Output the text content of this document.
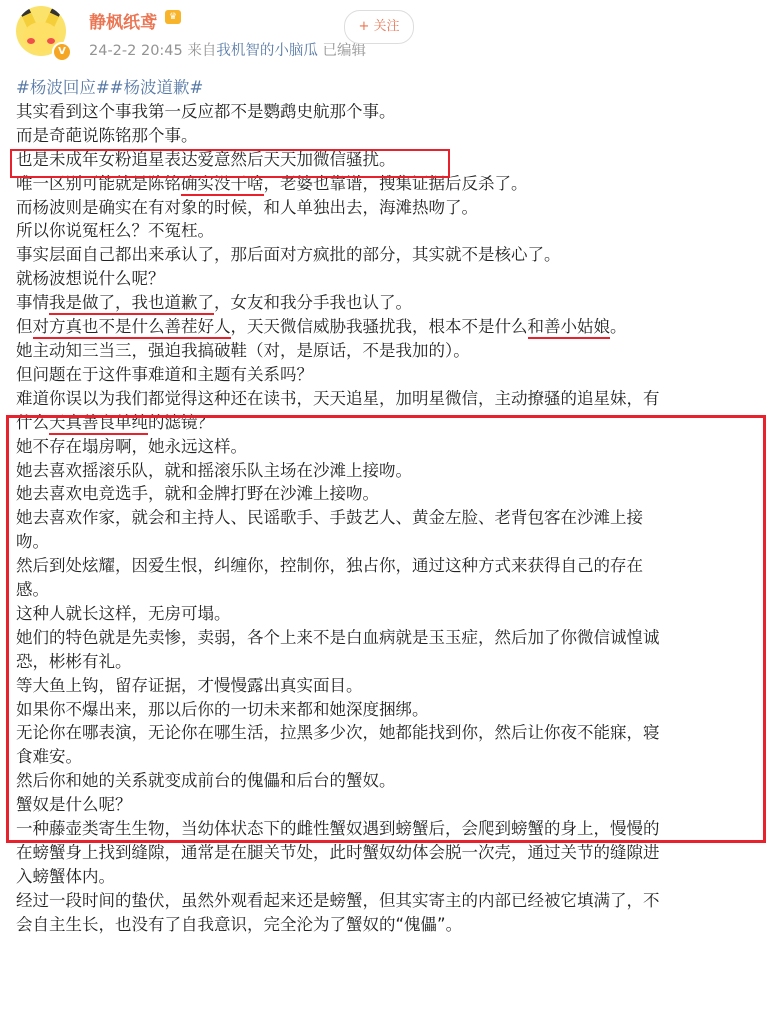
V
静枫纸鸢	♛
24-2-2 20:45 来自我机智的小脑瓜 已编辑
+ 关注

#杨波回应##杨波道歉#

其实看到这个事我第一反应都不是鹦鹉史航那个事。

而是奇葩说陈铭那个事。

也是未成年女粉追星表达爱意然后天天加微信骚扰。

唯一区别可能就是陈铭确实没干啥，老婆也靠谱，搜集证据后反杀了。

而杨波则是确实在有对象的时候，和人单独出去，海滩热吻了。

所以你说冤枉么？不冤枉。

事实层面自己都出来承认了，那后面对方疯批的部分，其实就不是核心了。

就杨波想说什么呢？

事情我是做了，我也道歉了，女友和我分手我也认了。

但对方真也不是什么善茬好人，天天微信威胁我骚扰我，根本不是什么和善小姑娘。

她主动知三当三，强迫我搞破鞋（对，是原话，不是我加的）。

但问题在于这件事难道和主题有关系吗？

难道你误以为我们都觉得这种还在读书，天天追星，加明星微信，主动撩骚的追星妹，有

什么天真善良单纯的滤镜？

她不存在塌房啊，她永远这样。

她去喜欢摇滚乐队，就和摇滚乐队主场在沙滩上接吻。

她去喜欢电竞选手，就和金牌打野在沙滩上接吻。

她去喜欢作家，就会和主持人、民谣歌手、手鼓艺人、黄金左脸、老背包客在沙滩上接

吻。

然后到处炫耀，因爱生恨，纠缠你，控制你，独占你，通过这种方式来获得自己的存在

感。

这种人就长这样，无房可塌。

她们的特色就是先卖惨，卖弱，各个上来不是白血病就是玉玉症，然后加了你微信诚惶诚

恐，彬彬有礼。

等大鱼上钩，留存证据，才慢慢露出真实面目。

如果你不爆出来，那以后你的一切未来都和她深度捆绑。

无论你在哪表演，无论你在哪生活，拉黑多少次，她都能找到你，然后让你夜不能寐，寝

食难安。

然后你和她的关系就变成前台的傀儡和后台的蟹奴。

蟹奴是什么呢？

一种藤壶类寄生生物，当幼体状态下的雌性蟹奴遇到螃蟹后，会爬到螃蟹的身上，慢慢的

在螃蟹身上找到缝隙，通常是在腿关节处，此时蟹奴幼体会脱一次壳，通过关节的缝隙进

入螃蟹体内。

经过一段时间的蛰伏，虽然外观看起来还是螃蟹，但其实寄主的内部已经被它填满了，不

会自主生长，也没有了自我意识，完全沦为了蟹奴的“傀儡”。
